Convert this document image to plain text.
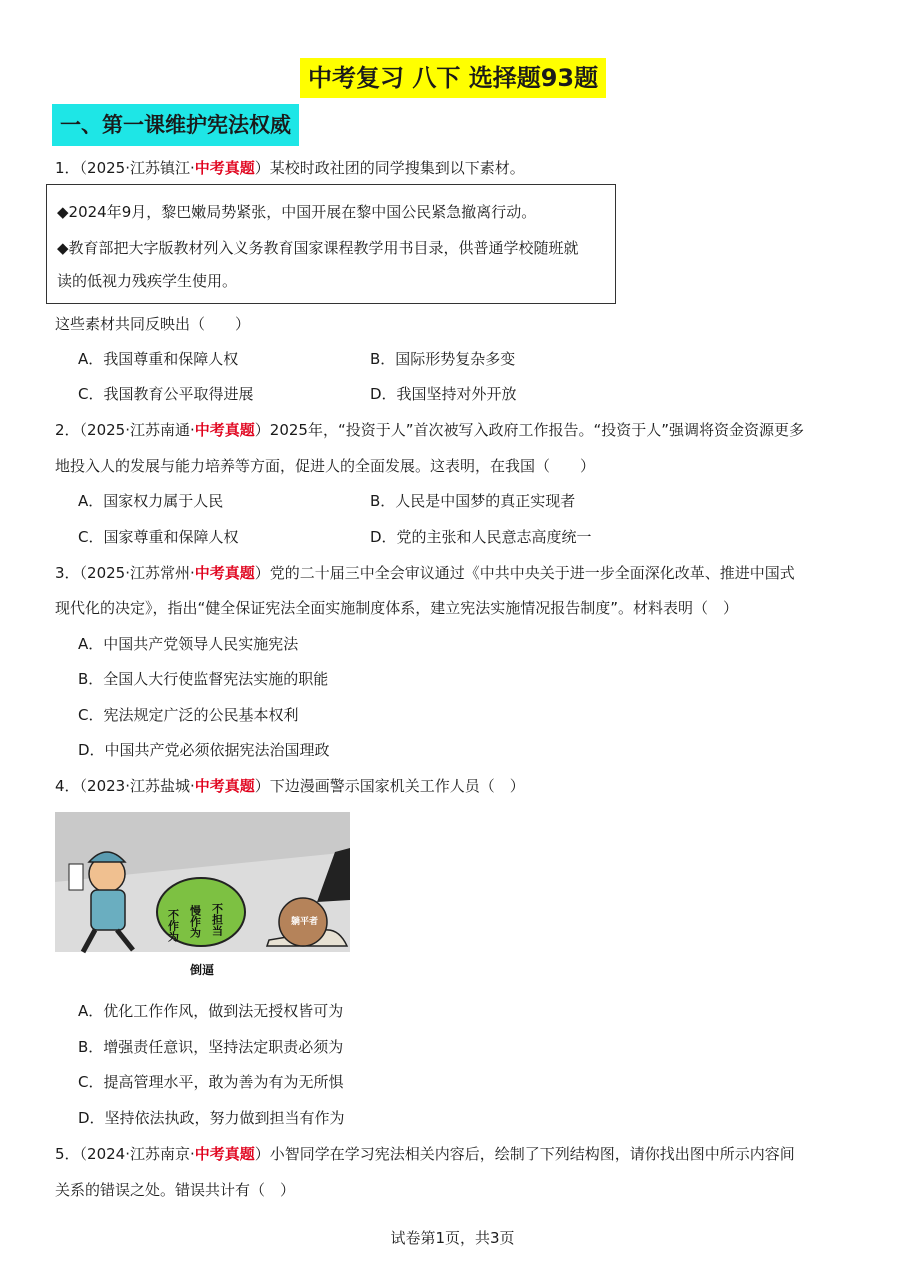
中考复习 八下 选择题93题
一、第一课维护宪法权威
1．（2025·江苏镇江·中考真题）某校时政社团的同学搜集到以下素材。
◆2024年9月，黎巴嫩局势紧张，中国开展在黎中国公民紧急撤离行动。
◆教育部把大字版教材列入义务教育国家课程教学用书目录，供普通学校随班就
读的低视力残疾学生使用。
这些素材共同反映出（　　）
A．我国尊重和保障人权	B．国际形势复杂多变
C．我国教育公平取得进展	D．我国坚持对外开放
2．（2025·江苏南通·中考真题）2025年，“投资于人”首次被写入政府工作报告。“投资于人”强调将资金资源更多
地投入人的发展与能力培养等方面，促进人的全面发展。这表明，在我国（　　）
A．国家权力属于人民	B．人民是中国梦的真正实现者
C．国家尊重和保障人权	D．党的主张和人民意志高度统一
3．（2025·江苏常州·中考真题）党的二十届三中全会审议通过《中共中央关于进一步全面深化改革、推进中国式
现代化的决定》，指出“健全保证宪法全面实施制度体系，建立宪法实施情况报告制度”。材料表明（　）
A．中国共产党领导人民实施宪法
B．全国人大行使监督宪法实施的职能
C．宪法规定广泛的公民基本权利
D．中国共产党必须依据宪法治国理政
4．（2023·江苏盐城·中考真题）下边漫画警示国家机关工作人员（　）
不作为 慢作为 不担当	躺平者
倒逼
A．优化工作作风，做到法无授权皆可为
B．增强责任意识，坚持法定职责必须为
C．提高管理水平，敢为善为有为无所惧
D．坚持依法执政，努力做到担当有作为
5．（2024·江苏南京·中考真题）小智同学在学习宪法相关内容后，绘制了下列结构图，请你找出图中所示内容间
关系的错误之处。错误共计有（　）
试卷第1页，共3页
